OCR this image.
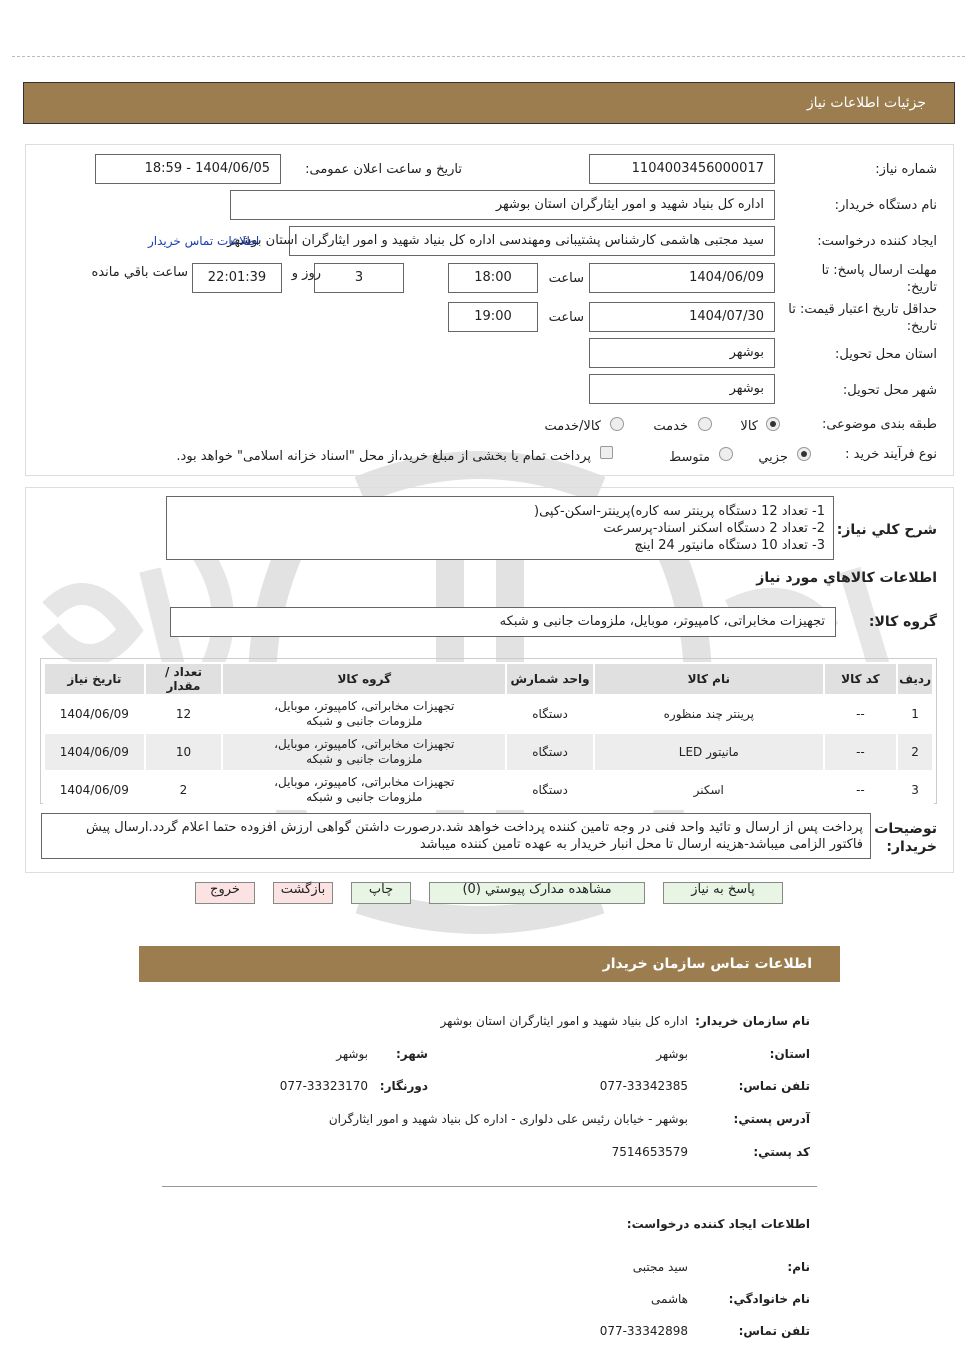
جزئیات اطلاعات نیاز
شماره نیاز:
1104003456000017
تاریخ و ساعت اعلان عمومی:
1404/06/05 - 18:59
نام دستگاه خریدار:
اداره کل بنیاد شهید و امور ایثارگران استان بوشهر
ایجاد کننده درخواست:
سید مجتبی هاشمی کارشناس پشتیبانی ومهندسی اداره کل بنیاد شهید و امور ایثارگران استان بوشهر
اطلاعات تماس خریدار
مهلت ارسال پاسخ: تا تاریخ:
1404/06/09
ساعت
18:00
3
روز و
22:01:39
ساعت باقي مانده
حداقل تاریخ اعتبار قیمت: تا تاریخ:
1404/07/30
ساعت
19:00
استان محل تحویل:
بوشهر
شهر محل تحویل:
بوشهر
طبقه بندی موضوعی:
کالا
خدمت
کالا/خدمت
نوع فرآیند خرید :
جزیي
متوسط
پرداخت تمام یا بخشی از مبلغ خرید،از محل "اسناد خزانه اسلامی" خواهد بود.
شرح کلي نياز:
1- تعداد 12 دستگاه پرینتر سه کاره)پرینتر-اسکن-کپی(
2- تعداد 2 دستگاه اسکنر اسناد-پرسرعت
3- تعداد 10 دستگاه مانیتور 24 اینچ
اطلاعات کالاهاي مورد نياز
گروه کالا:
تجهیزات مخابراتی، کامپیوتر، موبایل، ملزومات جانبی و شبکه
رديف	کد کالا	نام کالا	واحد شمارش	گروه کالا	تعداد / مقدار	تاريخ نياز
1	--	پرینتر چند منظوره	دستگاه	تجهیزات مخابراتی، کامپیوتر، موبایل، ملزومات جانبی و شبکه	12	1404/06/09
2	--	مانیتور LED	دستگاه	تجهیزات مخابراتی، کامپیوتر، موبایل، ملزومات جانبی و شبکه	10	1404/06/09
3	--	اسکنر	دستگاه	تجهیزات مخابراتی، کامپیوتر، موبایل، ملزومات جانبی و شبکه	2	1404/06/09
توضیحات خریدار:
پرداخت پس از ارسال و تائید واحد فنی در وجه تامین کننده پرداخت خواهد شد.درصورت داشتن گواهی ارزش افزوده حتما اعلام گردد.ارسال پیش فاکتور الزامی میباشد-هزینه ارسال تا محل انبار خریدار به عهده تامین کننده میباشد
پاسخ به نياز
مشاهده مدارک پيوستي (0)
چاپ
بازگشت
خروج
اطلاعات تماس سازمان خريدار
نام سازمان خريدار:
اداره کل بنیاد شهید و امور ایثارگران استان بوشهر
استان:
بوشهر
شهر:
بوشهر
تلفن تماس:
077-33342385
دورنگار:
077-33323170
آدرس پستي:
بوشهر - خیابان رئیس علی دلواری - اداره کل بنیاد شهید و امور ایثارگران
کد پستي:
7514653579
اطلاعات ايجاد کننده درخواست:
نام:
سید مجتبی
نام خانوادگي:
هاشمی
تلفن تماس:
077-33342898
